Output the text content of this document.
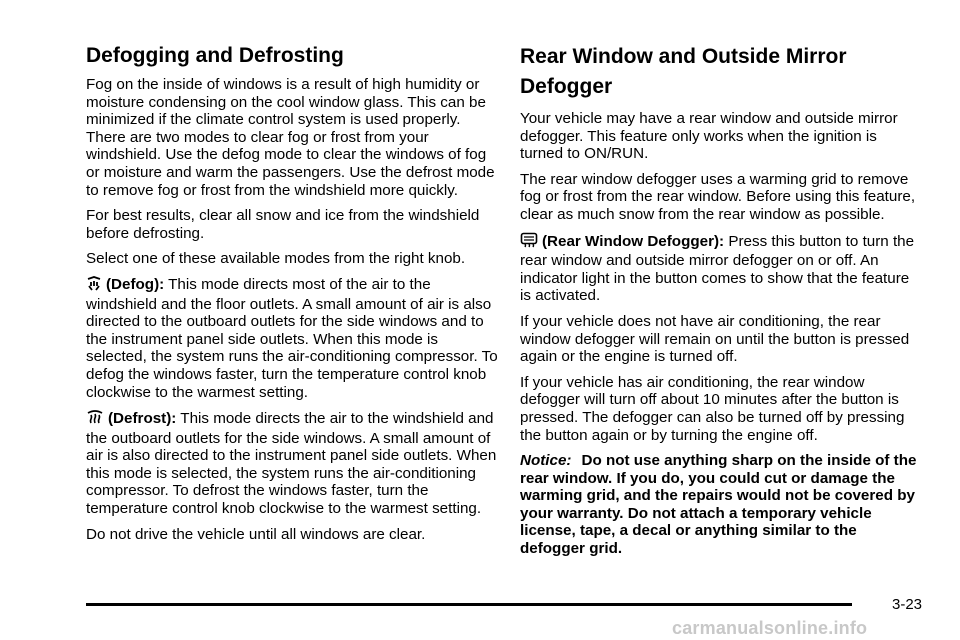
Defogging and Defrosting

Fog on the inside of windows is a result of high humidity or moisture condensing on the cool window glass. This can be minimized if the climate control system is used properly. There are two modes to clear fog or frost from your windshield. Use the defog mode to clear the windows of fog or moisture and warm the passengers. Use the defrost mode to remove fog or frost from the windshield more quickly.

For best results, clear all snow and ice from the windshield before defrosting.

Select one of these available modes from the right knob.

(Defog): This mode directs most of the air to the windshield and the floor outlets. A small amount of air is also directed to the outboard outlets for the side windows and to the instrument panel side outlets. When this mode is selected, the system runs the air-conditioning compressor. To defog the windows faster, turn the temperature control knob clockwise to the warmest setting.

(Defrost): This mode directs the air to the windshield and the outboard outlets for the side windows. A small amount of air is also directed to the instrument panel side outlets. When this mode is selected, the system runs the air-conditioning compressor. To defrost the windows faster, turn the temperature control knob clockwise to the warmest setting.

Do not drive the vehicle until all windows are clear.

Rear Window and Outside Mirror Defogger

Your vehicle may have a rear window and outside mirror defogger. This feature only works when the ignition is turned to ON/RUN.

The rear window defogger uses a warming grid to remove fog or frost from the rear window. Before using this feature, clear as much snow from the rear window as possible.

(Rear Window Defogger): Press this button to turn the rear window and outside mirror defogger on or off. An indicator light in the button comes to show that the feature is activated.

If your vehicle does not have air conditioning, the rear window defogger will remain on until the button is pressed again or the engine is turned off.

If your vehicle has air conditioning, the rear window defogger will turn off about 10 minutes after the button is pressed. The defogger can also be turned off by pressing the button again or by turning the engine off.

Notice: Do not use anything sharp on the inside of the rear window. If you do, you could cut or damage the warming grid, and the repairs would not be covered by your warranty. Do not attach a temporary vehicle license, tape, a decal or anything similar to the defogger grid.

3-23
carmanualsonline.info
